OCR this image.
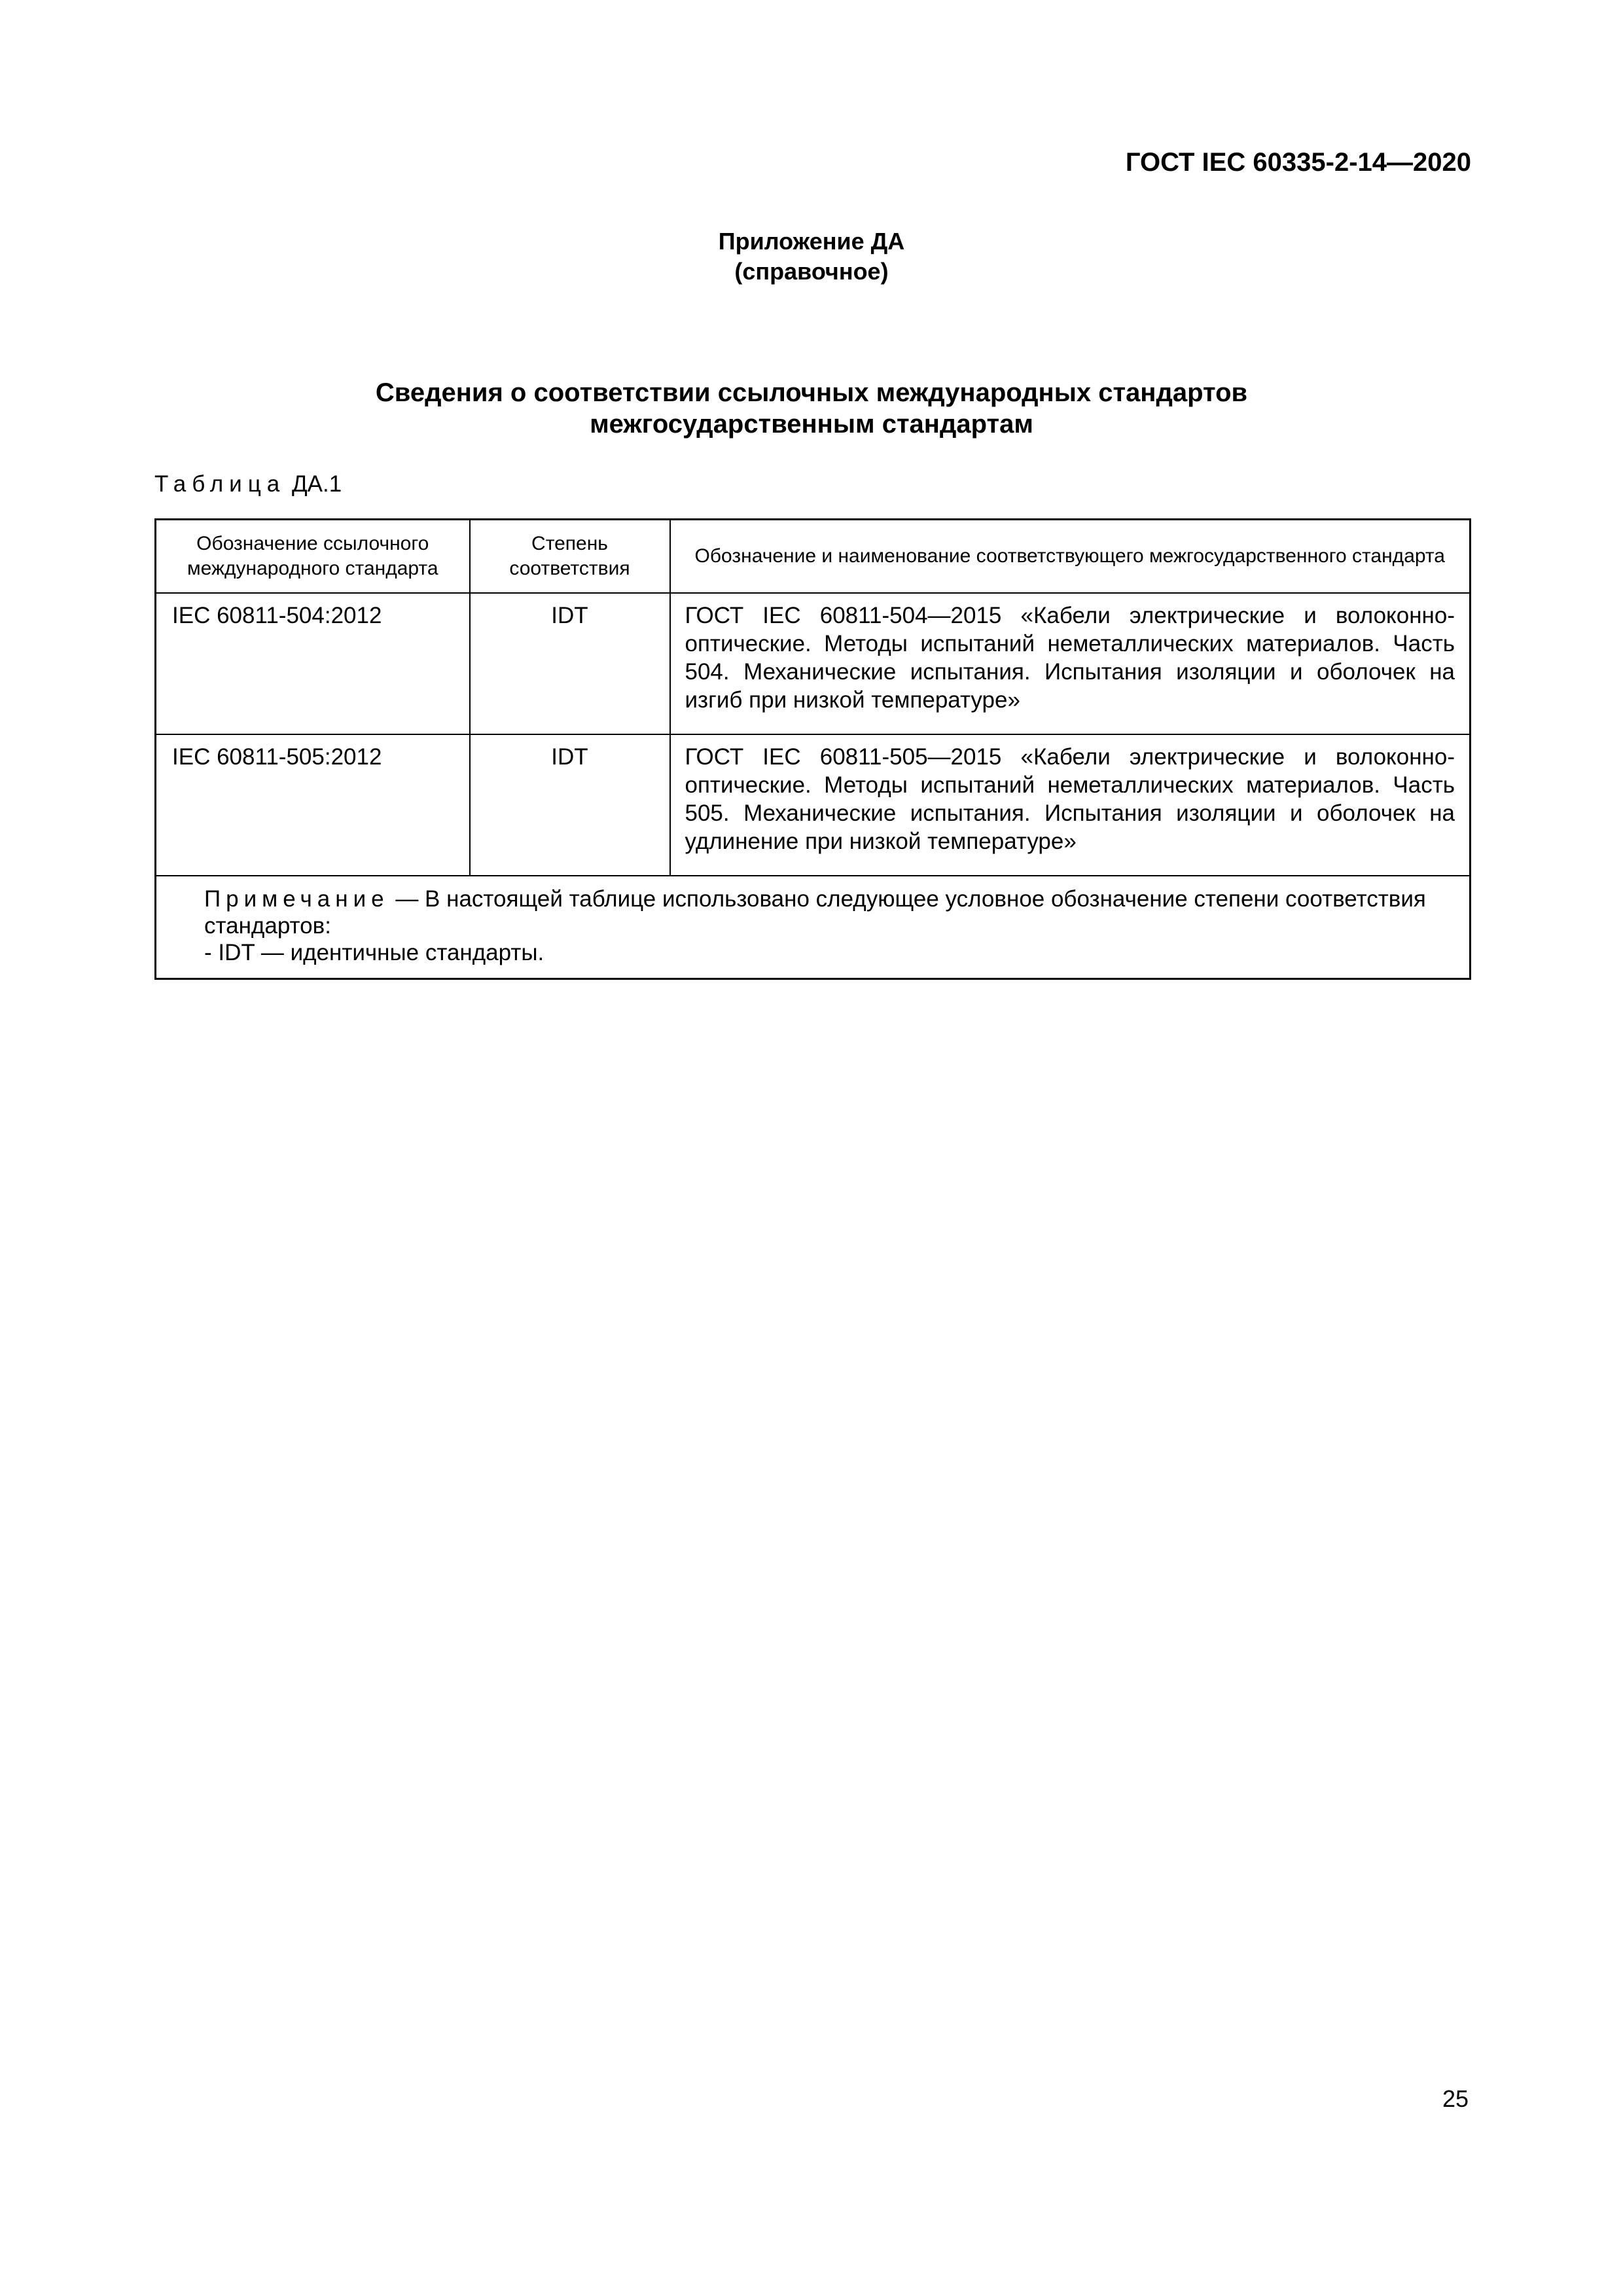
ГОСТ IEC 60335-2-14—2020
Приложение ДА
(справочное)
Сведения о соответствии ссылочных международных стандартов
межгосударственным стандартам
Таблица ДА.1
Обозначение ссылочного международного стандарта	Степень соответствия	Обозначение и наименование соответствующего межгосударственного стандарта

IEC 60811-504:2012	IDT	ГОСТ IEC 60811-504—2015 «Кабели электрические и волоконно-оптические. Методы испытаний неметаллических материалов. Часть 504. Механические испытания. Испытания изоляции и оболочек на изгиб при низкой температуре»
IEC 60811-505:2012	IDT	ГОСТ IEC 60811-505—2015 «Кабели электрические и волоконно-оптические. Методы испытаний неметаллических материалов. Часть 505. Механические испытания. Испытания изоляции и оболочек на удлинение при низкой температуре»

Примечание — В настоящей таблице использовано следующее условное обозначение степени соответствия стандартов:
- IDT — идентичные стандарты.		
25
